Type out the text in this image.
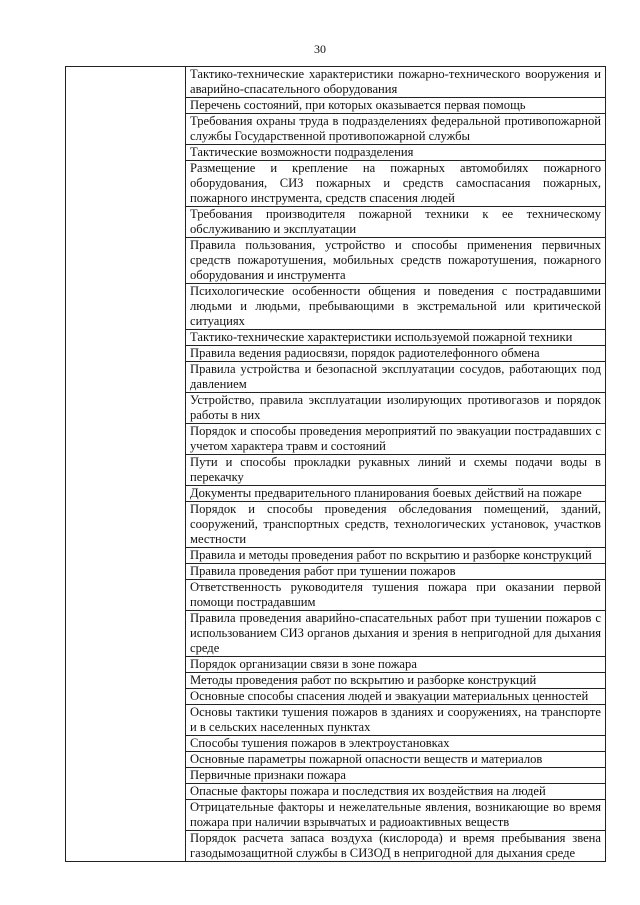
30
	Тактико-технические характеристики пожарно-технического вооружения и аварийно-спасательного оборудования
Перечень состояний, при которых оказывается первая помощь
Требования охраны труда в подразделениях федеральной противопожарной службы Государственной противопожарной службы
Тактические возможности подразделения
Размещение и крепление на пожарных автомобилях пожарного оборудования, СИЗ пожарных и средств самоспасания пожарных, пожарного инструмента, средств спасения людей
Требования производителя пожарной техники к ее техническому обслуживанию и эксплуатации
Правила пользования, устройство и способы применения первичных средств пожаротушения, мобильных средств пожаротушения, пожарного оборудования и инструмента
Психологические особенности общения и поведения с пострадавшими людьми и людьми, пребывающими в экстремальной или критической ситуациях
Тактико-технические характеристики используемой пожарной техники
Правила ведения радиосвязи, порядок радиотелефонного обмена
Правила устройства и безопасной эксплуатации сосудов, работающих под давлением
Устройство, правила эксплуатации изолирующих противогазов и порядок работы в них
Порядок и способы проведения мероприятий по эвакуации пострадавших с учетом характера травм и состояний
Пути и способы прокладки рукавных линий и схемы подачи воды в перекачку
Документы предварительного планирования боевых действий на пожаре
Порядок и способы проведения обследования помещений, зданий, сооружений, транспортных средств, технологических установок, участков местности
Правила и методы проведения работ по вскрытию и разборке конструкций
Правила проведения работ при тушении пожаров
Ответственность руководителя тушения пожара при оказании первой помощи пострадавшим
Правила проведения аварийно-спасательных работ при тушении пожаров с использованием СИЗ органов дыхания и зрения в непригодной для дыхания среде
Порядок организации связи в зоне пожара
Методы проведения работ по вскрытию и разборке конструкций
Основные способы спасения людей и эвакуации материальных ценностей
Основы тактики тушения пожаров в зданиях и сооружениях, на транспорте и в сельских населенных пунктах
Способы тушения пожаров в электроустановках
Основные параметры пожарной опасности веществ и материалов
Первичные признаки пожара
Опасные факторы пожара и последствия их воздействия на людей
Отрицательные факторы и нежелательные явления, возникающие во время пожара при наличии взрывчатых и радиоактивных веществ
Порядок расчета запаса воздуха (кислорода) и время пребывания звена газодымозащитной службы в СИЗОД в непригодной для дыхания среде
